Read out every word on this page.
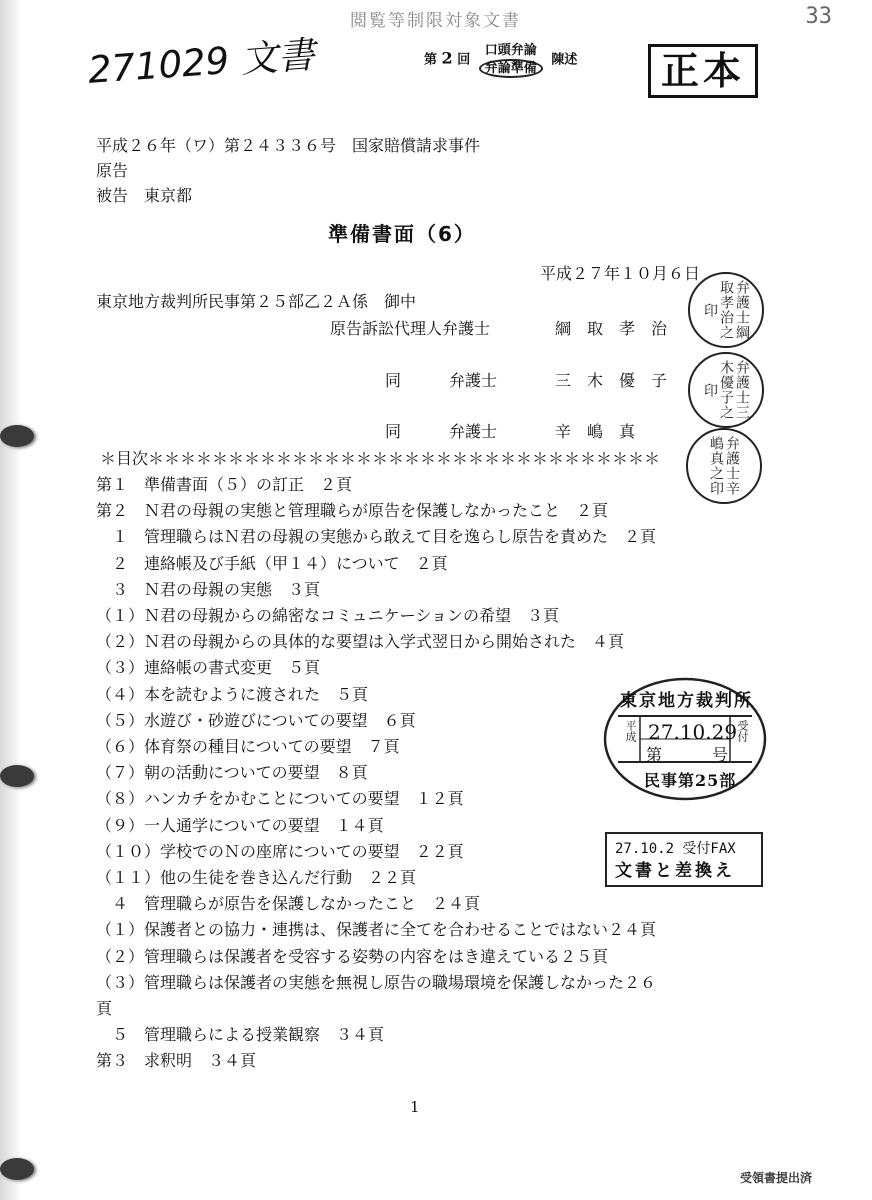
閲覧等制限対象文書	33
271029 文書	第 2 回 口頭弁論
弁論準備 陳述	正本
平成２６年（ワ）第２４３３６号　国家賠償請求事件
原告
被告　東京都
準備書面（6）
平成２７年１０月６日
東京地方裁判所民事第２５部乙２Ａ係　御中
原告訴訟代理人弁護士	綱　取　孝　治
同　　　弁護士	三　木　優　子
同　　　弁護士	辛　嶋　真
弁護士綱取孝治之印
弁護士三木優子之印
弁護士辛嶋真之印
＊目次＊＊＊＊＊＊＊＊＊＊＊＊＊＊＊＊＊＊＊＊＊＊＊＊＊＊＊＊＊＊＊＊
第１　準備書面（５）の訂正　２頁
第２　Ｎ君の母親の実態と管理職らが原告を保護しなかったこと　２頁
　１　管理職らはＮ君の母親の実態から敢えて目を逸らし原告を責めた　２頁
　２　連絡帳及び手紙（甲１４）について　２頁
　３　Ｎ君の母親の実態　３頁
（１）Ｎ君の母親からの綿密なコミュニケーションの希望　３頁
（２）Ｎ君の母親からの具体的な要望は入学式翌日から開始された　４頁
（３）連絡帳の書式変更　５頁
（４）本を読むように渡された　５頁
（５）水遊び・砂遊びについての要望　６頁
（６）体育祭の種目についての要望　７頁
（７）朝の活動についての要望　８頁
（８）ハンカチをかむことについての要望　１２頁
（９）一人通学についての要望　１４頁
（１０）学校でのＮの座席についての要望　２２頁
（１１）他の生徒を巻き込んだ行動　２２頁
　４　管理職らが原告を保護しなかったこと　２４頁
（１）保護者との協力・連携は、保護者に全てを合わせることではない２４頁
（２）管理職らは保護者を受容する姿勢の内容をはき違えている２５頁
（３）管理職らは保護者の実態を無視し原告の職場環境を保護しなかった２６
頁
　５　管理職らによる授業観察　３４頁
第３　求釈明　３４頁
東京地方裁判所
平成 27.10.29
受付
第	号
民事第25部
27.10.2 受付FAX
文書と差換え
1
受領書提出済
